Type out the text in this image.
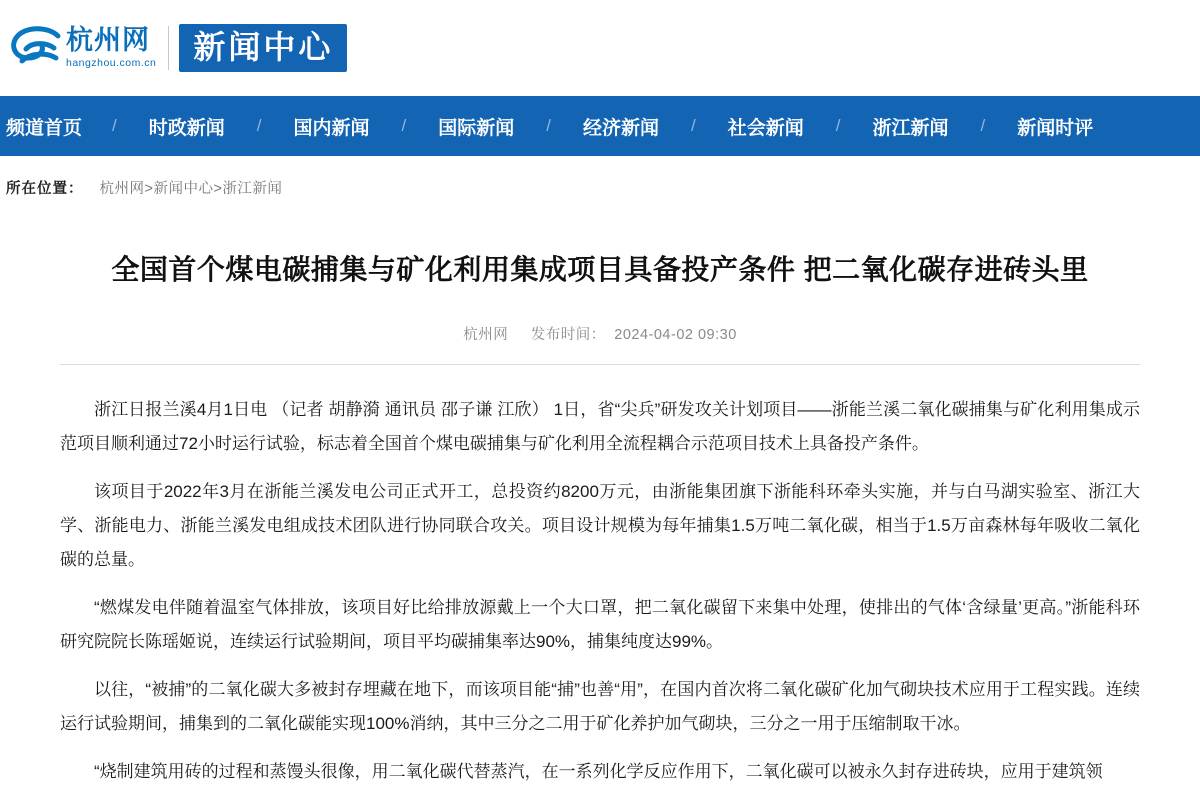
杭州网
hangzhou.com.cn	新闻中心
频道首页	/	时政新闻	/	国内新闻	/	国际新闻	/	经济新闻	/	社会新闻	/	浙江新闻	/	新闻时评
所在位置： 杭州网>新闻中心>浙江新闻
全国首个煤电碳捕集与矿化利用集成项目具备投产条件 把二氧化碳存进砖头里
杭州网 发布时间： 2024-04-02 09:30

浙江日报兰溪4月1日电 （记者 胡静漪 通讯员 邵子谦 江欣） 1日，省“尖兵”研发攻关计划项目——浙能兰溪二氧化碳捕集与矿化利用集成示范项目顺利通过72小时运行试验，标志着全国首个煤电碳捕集与矿化利用全流程耦合示范项目技术上具备投产条件。

该项目于2022年3月在浙能兰溪发电公司正式开工，总投资约8200万元，由浙能集团旗下浙能科环牵头实施，并与白马湖实验室、浙江大学、浙能电力、浙能兰溪发电组成技术团队进行协同联合攻关。项目设计规模为每年捕集1.5万吨二氧化碳，相当于1.5万亩森林每年吸收二氧化碳的总量。

“燃煤发电伴随着温室气体排放，该项目好比给排放源戴上一个大口罩，把二氧化碳留下来集中处理，使排出的气体‘含绿量’更高。”浙能科环研究院院长陈瑶姬说，连续运行试验期间，项目平均碳捕集率达90%，捕集纯度达99%。

以往，“被捕”的二氧化碳大多被封存埋藏在地下，而该项目能“捕”也善“用”，在国内首次将二氧化碳矿化加气砌块技术应用于工程实践。连续运行试验期间，捕集到的二氧化碳能实现100%消纳，其中三分之二用于矿化养护加气砌块，三分之一用于压缩制取干冰。

“烧制建筑用砖的过程和蒸馒头很像，用二氧化碳代替蒸汽，在一系列化学反应作用下，二氧化碳可以被永久封存进砖块，应用于建筑领
